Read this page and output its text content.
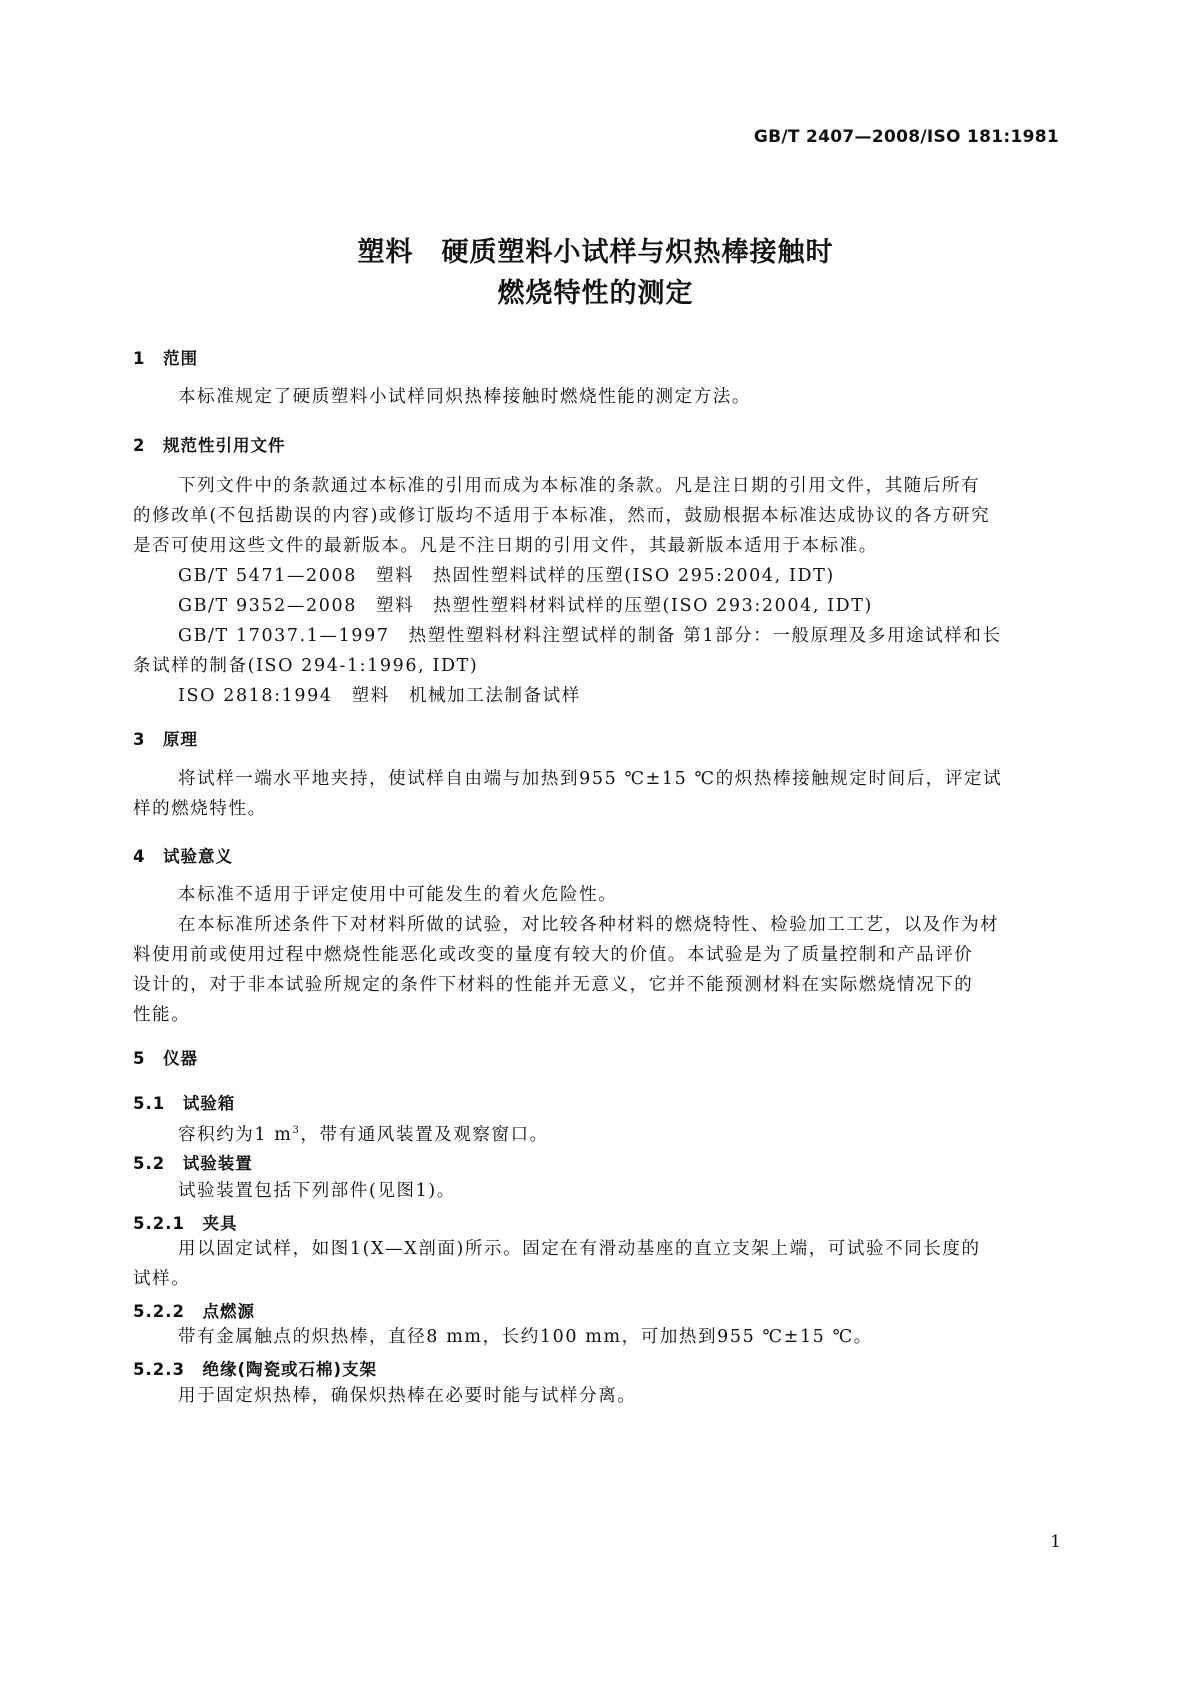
GB/T 2407—2008/ISO 181:1981
塑料　硬质塑料小试样与炽热棒接触时
燃烧特性的测定
1　范围
本标准规定了硬质塑料小试样同炽热棒接触时燃烧性能的测定方法。
2　规范性引用文件
下列文件中的条款通过本标准的引用而成为本标准的条款。凡是注日期的引用文件，其随后所有
的修改单(不包括勘误的内容)或修订版均不适用于本标准，然而，鼓励根据本标准达成协议的各方研究
是否可使用这些文件的最新版本。凡是不注日期的引用文件，其最新版本适用于本标准。
GB/T 5471—2008　塑料　热固性塑料试样的压塑(ISO 295:2004, IDT)
GB/T 9352—2008　塑料　热塑性塑料材料试样的压塑(ISO 293:2004, IDT)
GB/T 17037.1—1997　热塑性塑料材料注塑试样的制备 第1部分：一般原理及多用途试样和长
条试样的制备(ISO 294-1:1996, IDT)
ISO 2818:1994　塑料　机械加工法制备试样
3　原理
将试样一端水平地夹持，使试样自由端与加热到955 ℃±15 ℃的炽热棒接触规定时间后，评定试
样的燃烧特性。
4　试验意义
本标准不适用于评定使用中可能发生的着火危险性。
在本标准所述条件下对材料所做的试验，对比较各种材料的燃烧特性、检验加工工艺，以及作为材
料使用前或使用过程中燃烧性能恶化或改变的量度有较大的价值。本试验是为了质量控制和产品评价
设计的，对于非本试验所规定的条件下材料的性能并无意义，它并不能预测材料在实际燃烧情况下的
性能。
5　仪器
5.1　试验箱
容积约为1 $m^3$，带有通风装置及观察窗口。
5.2　试验装置
试验装置包括下列部件(见图1)。
5.2.1　夹具
用以固定试样，如图1(X—X剖面)所示。固定在有滑动基座的直立支架上端，可试验不同长度的
试样。
5.2.2　点燃源
带有金属触点的炽热棒，直径8 mm，长约100 mm，可加热到955 ℃±15 ℃。
5.2.3　绝缘(陶瓷或石棉)支架
用于固定炽热棒，确保炽热棒在必要时能与试样分离。
1
